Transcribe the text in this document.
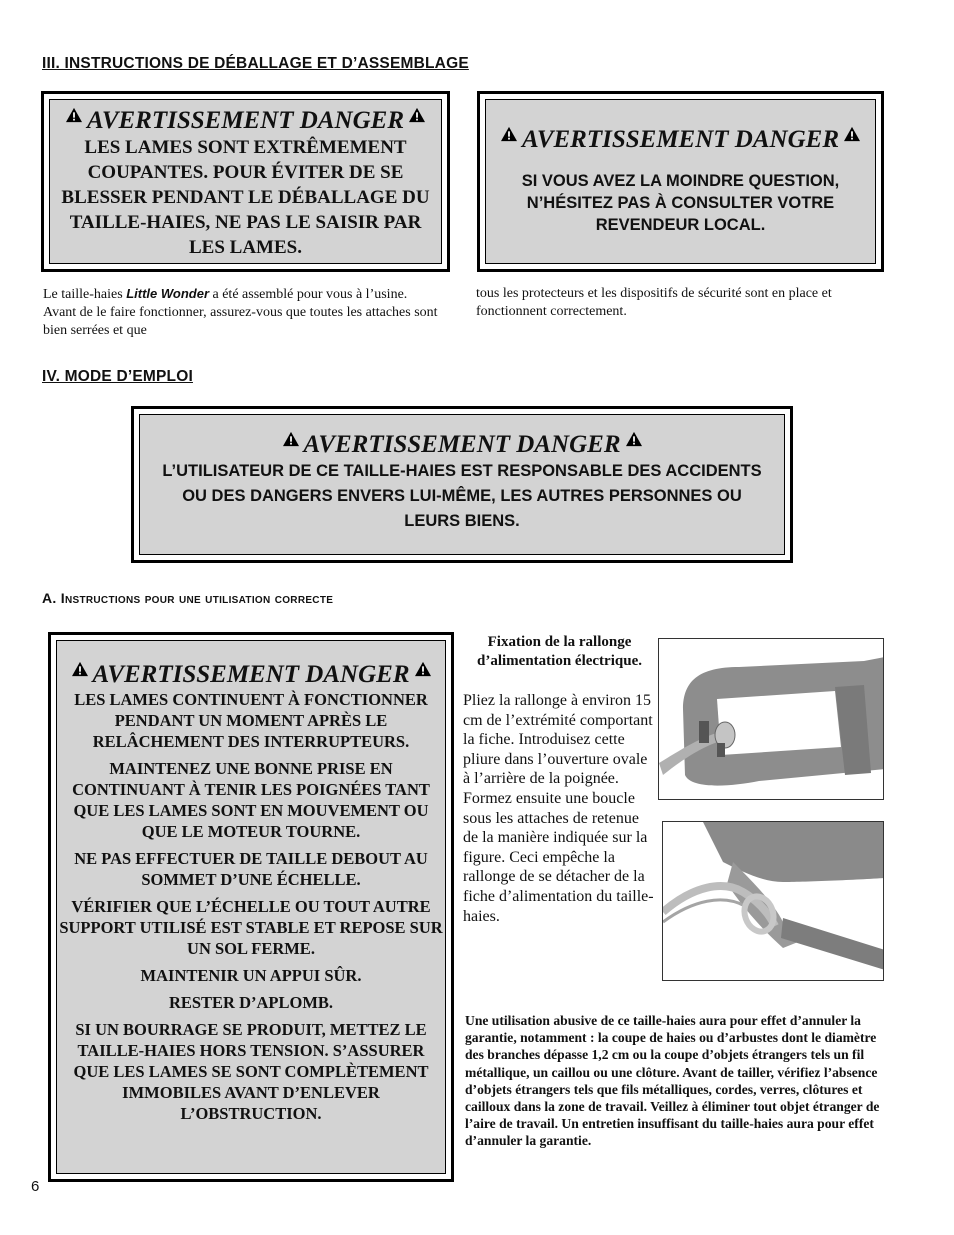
III. INSTRUCTIONS DE DÉBALLAGE ET D’ASSEMBLAGE
AVERTISSEMENT DANGER
LES LAMES SONT EXTRÊMEMENT COUPANTES. POUR ÉVITER DE SE BLESSER PENDANT LE DÉBALLAGE DU TAILLE-HAIES, NE PAS LE SAISIR PAR LES LAMES.
AVERTISSEMENT DANGER
SI VOUS AVEZ LA MOINDRE QUESTION, N’HÉSITEZ PAS À CONSULTER VOTRE REVENDEUR LOCAL.
Le taille-haies Little Wonder a été assemblé pour vous à l’usine. Avant de le faire fonctionner, assurez-vous que toutes les attaches sont bien serrées et que
tous les protecteurs et les dispositifs de sécurité sont en place et fonctionnent correctement.
IV. MODE D’EMPLOI
AVERTISSEMENT DANGER
L’UTILISATEUR DE CE TAILLE-HAIES EST RESPONSABLE DES ACCIDENTS OU DES DANGERS ENVERS LUI-MÊME, LES AUTRES PERSONNES OU LEURS BIENS.
A. Instructions pour une utilisation correcte
AVERTISSEMENT DANGER

LES LAMES CONTINUENT À FONCTIONNER PENDANT UN MOMENT APRÈS LE RELÂCHEMENT DES INTERRUPTEURS.

MAINTENEZ UNE BONNE PRISE EN CONTINUANT À TENIR LES POIGNÉES TANT QUE LES LAMES SONT EN MOUVEMENT OU QUE LE MOTEUR TOURNE.

NE PAS EFFECTUER DE TAILLE DEBOUT AU SOMMET D’UNE ÉCHELLE.

VÉRIFIER QUE L’ÉCHELLE OU TOUT AUTRE SUPPORT UTILISÉ EST STABLE ET REPOSE SUR UN SOL FERME.

MAINTENIR UN APPUI SÛR.

RESTER D’APLOMB.

SI UN BOURRAGE SE PRODUIT, METTEZ LE TAILLE-HAIES HORS TENSION. S’ASSURER QUE LES LAMES SE SONT COMPLÈTEMENT IMMOBILES AVANT D’ENLEVER L’OBSTRUCTION.

Fixation de la rallonge d’alimentation électrique.
Pliez la rallonge à environ 15 cm de l’extrémité comportant la fiche. Introduisez cette pliure dans l’ouverture ovale à l’arrière de la poignée. Formez ensuite une boucle sous les attaches de retenue de la manière indiquée sur la figure. Ceci empêche la rallonge de se détacher de la fiche d’alimentation du taille-haies.
Une utilisation abusive de ce taille-haies aura pour effet d’annuler la garantie, notamment : la coupe de haies ou d’arbustes dont le diamètre des branches dépasse 1,2 cm ou la coupe d’objets étrangers tels un fil métallique, un caillou ou une clôture. Avant de tailler, vérifiez l’absence d’objets étrangers tels que fils métalliques, cordes, verres, clôtures et cailloux dans la zone de travail. Veillez à éliminer tout objet étranger de l’aire de travail. Un entretien insuffisant du taille-haies aura pour effet d’annuler la garantie.
6
